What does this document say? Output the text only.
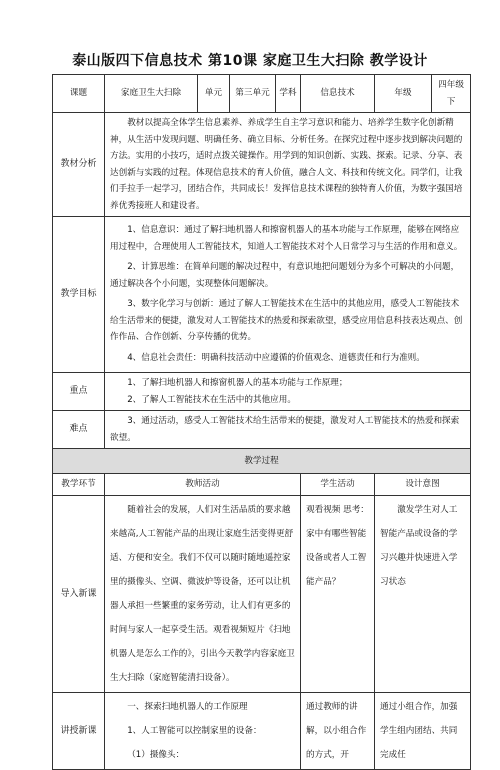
泰山版四下信息技术 第10课 家庭卫生大扫除 教学设计
课题	家庭卫生大扫除	单元	第三单元	学科	信息技术	年级	四年级下
教材分析	教材以提高全体学生信息素养、养成学生自主学习意识和能力、培养学生数字化创新精神，从生活中发现问题、明确任务、确立目标、分析任务。在探究过程中逐步找到解决问题的方法。实用的小技巧，适时点拨关键操作。用学到的知识创新、实践、探索。记录、分享、表达创新与实践的过程。体现信息技术的育人价值，融合人文、科技和传统文化。同学们，让我们手拉手一起学习，团结合作，共同成长！发挥信息技术课程的独特育人价值，为数字强国培养优秀接班人和建设者。						

教学目标	1、信息意识：通过了解扫地机器人和擦窗机器人的基本功能与工作原理，能够在网络应用过程中，合理使用人工智能技术，知道人工智能技术对个人日常学习与生活的作用和意义。

2、计算思维：在简单问题的解决过程中，有意识地把问题划分为多个可解决的小问题，通过解决各个小问题，实现整体问题解决。

3、数字化学习与创新：通过了解人工智能技术在生活中的其他应用，感受人工智能技术给生活带来的便捷，激发对人工智能技术的热爱和探索欲望，感受应用信息科技表达观点、创作作品、合作创新、分享传播的优势。

4、信息社会责任：明确科技活动中应遵循的价值观念、道德责任和行为准则。						

重点	1、了解扫地机器人和擦窗机器人的基本功能与工作原理；

2、了解人工智能技术在生活中的其他应用。						

难点	3、通过活动，感受人工智能技术给生活带来的便捷，激发对人工智能技术的热爱和探索欲望。						

教学过程							
教学环节	教师活动				学生活动	设计意图	
导入新课	随着社会的发展，人们对生活品质的要求越来越高,人工智能产品的出现让家庭生活变得更舒适、方便和安全。我们不仅可以随时随地遥控家里的摄像头、空调、微波炉等设备，还可以让机器人承担一些繁重的家务劳动，让人们有更多的时间与家人一起享受生活。观看视频短片《扫地机器人是怎么工作的》，引出今天教学内容家庭卫生大扫除（家庭智能清扫设备）。				观看视频 思考：家中有哪些智能设备或者人工智能产品？	激发学生对人工智能产品或设备的学习兴趣并快速进入学习状态	

讲授新课	一、探索扫地机器人的工作原理

1、人工智能可以控制家里的设备：

（1）摄像头：				通过教师的讲解，以小组合作的方式，开	通过小组合作，加强学生组内团结、共同完成任	
